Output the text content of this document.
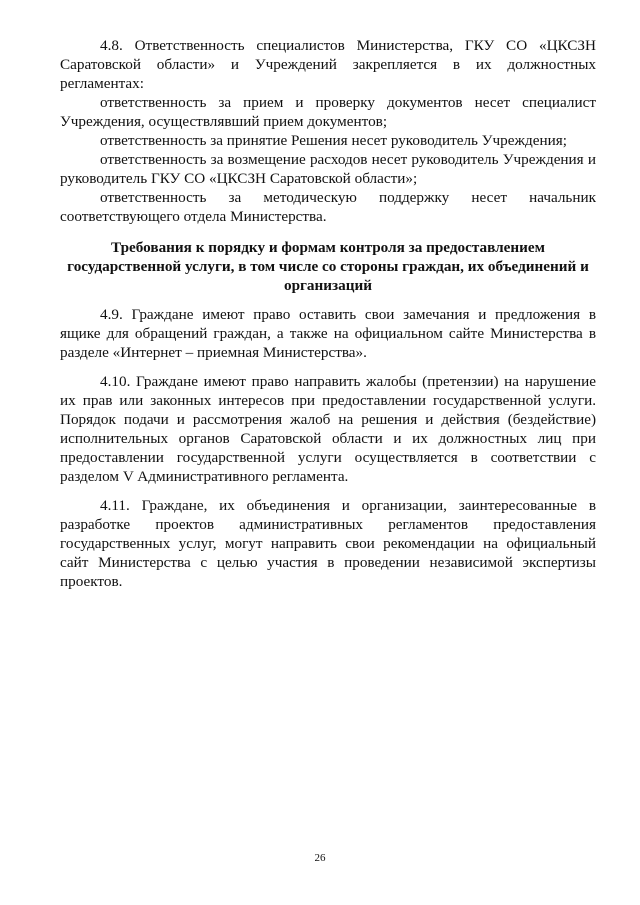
4.8. Ответственность специалистов Министерства, ГКУ СО «ЦКСЗН Саратовской области» и Учреждений закрепляется в их должностных регламентах:

ответственность за прием и проверку документов несет специалист Учреждения, осуществлявший прием документов;

ответственность за принятие Решения несет руководитель Учреждения;

ответственность за возмещение расходов несет руководитель Учреждения и руководитель ГКУ СО «ЦКСЗН Саратовской области»;

ответственность за методическую поддержку несет начальник соответствующего отдела Министерства.

Требования к порядку и формам контроля за предоставлением государственной услуги, в том числе со стороны граждан, их объединений и организаций

4.9. Граждане имеют право оставить свои замечания и предложения в ящике для обращений граждан, а также на официальном сайте Министерства в разделе «Интернет – приемная Министерства».

4.10. Граждане имеют право направить жалобы (претензии) на нарушение их прав или законных интересов при предоставлении государственной услуги. Порядок подачи и рассмотрения жалоб на решения и действия (бездействие) исполнительных органов Саратовской области и их должностных лиц при предоставлении государственной услуги осуществляется в соответствии с разделом V Административного регламента.

4.11. Граждане, их объединения и организации, заинтересованные в разработке проектов административных регламентов предоставления государственных услуг, могут направить свои рекомендации на официальный сайт Министерства с целью участия в проведении независимой экспертизы проектов.

26
